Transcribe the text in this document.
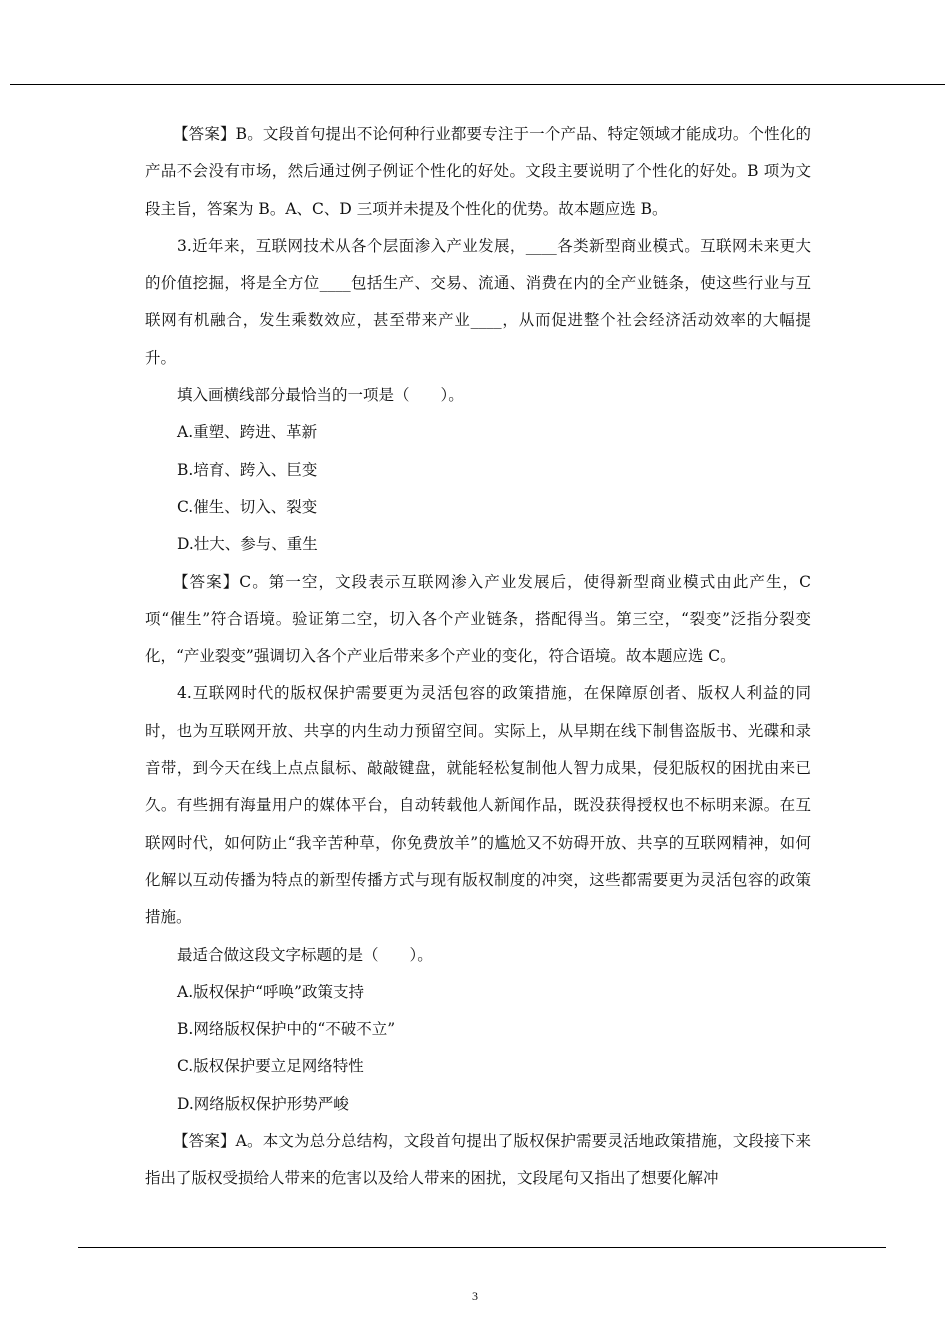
【答案】B。文段首句提出不论何种行业都要专注于一个产品、特定领域才能成功。个性化的产品不会没有市场，然后通过例子例证个性化的好处。文段主要说明了个性化的好处。B 项为文段主旨，答案为 B。A、C、D 三项并未提及个性化的优势。故本题应选 B。

3.近年来，互联网技术从各个层面渗入产业发展，____各类新型商业模式。互联网未来更大的价值挖掘，将是全方位____包括生产、交易、流通、消费在内的全产业链条，使这些行业与互联网有机融合，发生乘数效应，甚至带来产业____，从而促进整个社会经济活动效率的大幅提升。

填入画横线部分最恰当的一项是（　　）。

A.重塑、跨进、革新

B.培育、跨入、巨变

C.催生、切入、裂变

D.壮大、参与、重生

【答案】C。第一空，文段表示互联网渗入产业发展后，使得新型商业模式由此产生，C 项“催生”符合语境。验证第二空，切入各个产业链条，搭配得当。第三空，“裂变”泛指分裂变化，“产业裂变”强调切入各个产业后带来多个产业的变化，符合语境。故本题应选 C。

4.互联网时代的版权保护需要更为灵活包容的政策措施，在保障原创者、版权人利益的同时，也为互联网开放、共享的内生动力预留空间。实际上，从早期在线下制售盗版书、光碟和录音带，到今天在线上点点鼠标、敲敲键盘，就能轻松复制他人智力成果，侵犯版权的困扰由来已久。有些拥有海量用户的媒体平台，自动转载他人新闻作品，既没获得授权也不标明来源。在互联网时代，如何防止“我辛苦种草，你免费放羊”的尴尬又不妨碍开放、共享的互联网精神，如何化解以互动传播为特点的新型传播方式与现有版权制度的冲突，这些都需要更为灵活包容的政策措施。

最适合做这段文字标题的是（　　）。

A.版权保护“呼唤”政策支持

B.网络版权保护中的“不破不立”

C.版权保护要立足网络特性

D.网络版权保护形势严峻

【答案】A。本文为总分总结构，文段首句提出了版权保护需要灵活地政策措施，文段接下来指出了版权受损给人带来的危害以及给人带来的困扰，文段尾句又指出了想要化解冲

3
